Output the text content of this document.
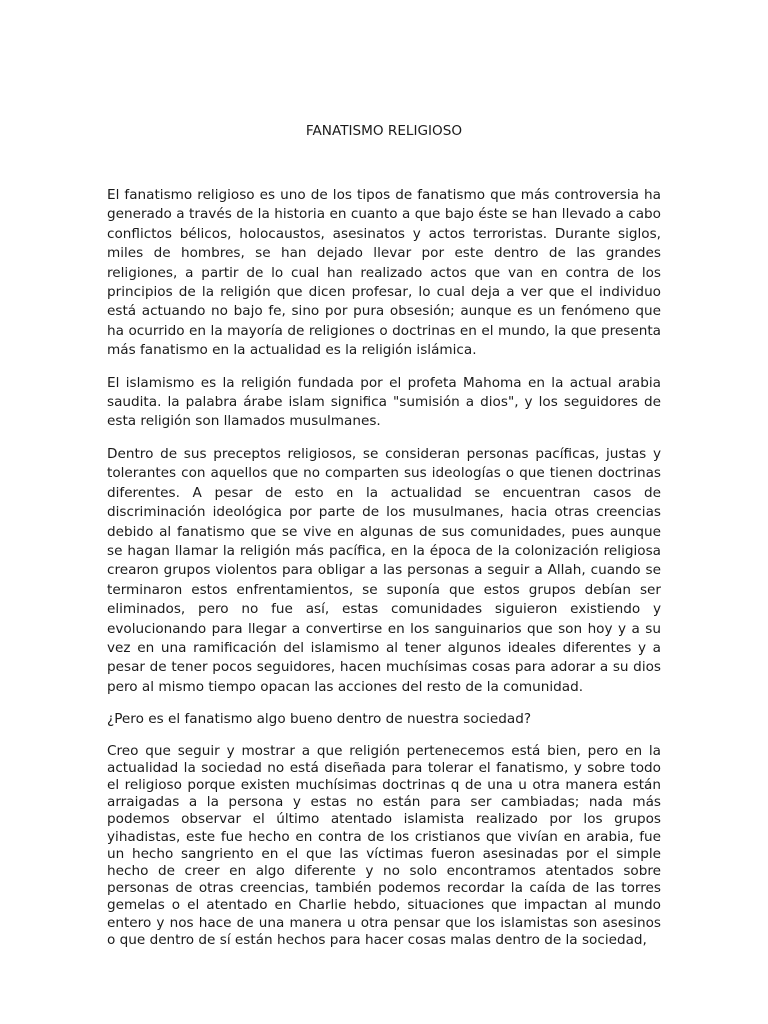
FANATISMO RELIGIOSO

El fanatismo religioso es uno de los tipos de fanatismo que más controversia ha generado a través de la historia en cuanto a que bajo éste se han llevado a cabo conflictos bélicos, holocaustos, asesinatos y actos terroristas. Durante siglos, miles de hombres, se han dejado llevar por este dentro de las grandes religiones, a partir de lo cual han realizado actos que van en contra de los principios de la religión que dicen profesar, lo cual deja a ver que el individuo está actuando no bajo fe, sino por pura obsesión; aunque es un fenómeno que ha ocurrido en la mayoría de religiones o doctrinas en el mundo, la que presenta más fanatismo en la actualidad es la religión islámica.

El islamismo es la religión fundada por el profeta Mahoma en la actual arabia saudita. la palabra árabe islam significa "sumisión a dios", y los seguidores de esta religión son llamados musulmanes.

Dentro de sus preceptos religiosos, se consideran personas pacíficas, justas y tolerantes con aquellos que no comparten sus ideologías o que tienen doctrinas diferentes. A pesar de esto en la actualidad se encuentran casos de discriminación ideológica por parte de los musulmanes, hacia otras creencias debido al fanatismo que se vive en algunas de sus comunidades, pues aunque se hagan llamar la religión más pacífica, en la época de la colonización religiosa crearon grupos violentos para obligar a las personas a seguir a Allah, cuando se terminaron estos enfrentamientos, se suponía que estos grupos debían ser eliminados, pero no fue así, estas comunidades siguieron existiendo y evolucionando para llegar a convertirse en los sanguinarios que son hoy y a su vez en una ramificación del islamismo al tener algunos ideales diferentes y a pesar de tener pocos seguidores, hacen muchísimas cosas para adorar a su dios pero al mismo tiempo opacan las acciones del resto de la comunidad.

¿Pero es el fanatismo algo bueno dentro de nuestra sociedad?

Creo que seguir y mostrar a que religión pertenecemos está bien, pero en la actualidad la sociedad no está diseñada para tolerar el fanatismo, y sobre todo el religioso porque existen muchísimas doctrinas q de una u otra manera están arraigadas a la persona y estas no están para ser cambiadas; nada más podemos observar el último atentado islamista realizado por los grupos yihadistas, este fue hecho en contra de los cristianos que vivían en arabia, fue un hecho sangriento en el que las víctimas fueron asesinadas por el simple hecho de creer en algo diferente y no solo encontramos atentados sobre personas de otras creencias, también podemos recordar la caída de las torres gemelas o el atentado en Charlie hebdo, situaciones que impactan al mundo entero y nos hace de una manera u otra pensar que los islamistas son asesinos o que dentro de sí están hechos para hacer cosas malas dentro de la sociedad,
